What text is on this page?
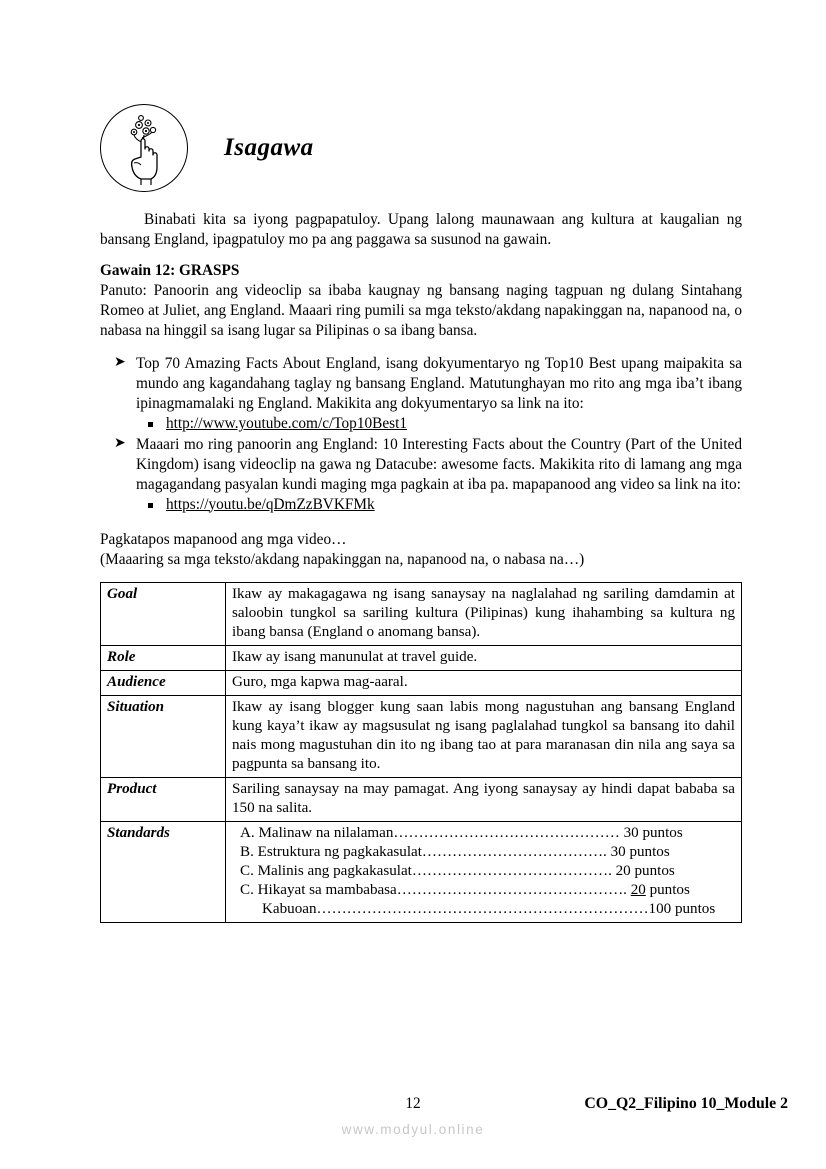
Isagawa

Binabati kita sa iyong pagpapatuloy. Upang lalong maunawaan ang kultura at kaugalian ng bansang England, ipagpatuloy mo pa ang paggawa sa susunod na gawain.

Gawain 12: GRASPS
Panuto: Panoorin ang videoclip sa ibaba kaugnay ng bansang naging tagpuan ng dulang Sintahang Romeo at Juliet, ang England. Maaari ring pumili sa mga teksto/akdang napakinggan na, napanood na, o nabasa na hinggil sa isang lugar sa Pilipinas o sa ibang bansa.
➤ Top 70 Amazing Facts About England, isang dokyumentaryo ng Top10 Best upang maipakita sa mundo ang kagandahang taglay ng bansang England. Matutunghayan mo rito ang mga iba’t ibang ipinagmamalaki ng England. Makikita ang dokyumentaryo sa link na ito:
http://www.youtube.com/c/Top10Best1
➤ Maaari mo ring panoorin ang England: 10 Interesting Facts about the Country (Part of the United Kingdom) isang videoclip na gawa ng Datacube: awesome facts. Makikita rito di lamang ang mga magagandang pasyalan kundi maging mga pagkain at iba pa. mapapanood ang video sa link na ito:
https://youtu.be/qDmZzBVKFMk
Pagkatapos mapanood ang mga video…
(Maaaring sa mga teksto/akdang napakinggan na, napanood na, o nabasa na…)
Goal	Ikaw ay makagagawa ng isang sanaysay na naglalahad ng sariling damdamin at saloobin tungkol sa sariling kultura (Pilipinas) kung ihahambing sa kultura ng ibang bansa (England o anomang bansa).
Role	Ikaw ay isang manunulat at travel guide.
Audience	Guro, mga kapwa mag-aaral.
Situation	Ikaw ay isang blogger kung saan labis mong nagustuhan ang bansang England kung kaya’t ikaw ay magsusulat ng isang paglalahad tungkol sa bansang ito dahil nais mong magustuhan din ito ng ibang tao at para maranasan din nila ang saya sa pagpunta sa bansang ito.
Product	Sariling sanaysay na may pamagat. Ang iyong sanaysay ay hindi dapat bababa sa 150 na salita.
Standards	A. Malinaw na nilalaman……………………………………… 30 puntos
B. Estruktura ng pagkakasulat………………………………. 30 puntos
C. Malinis ang pagkakasulat…………………………………. 20 puntos
C. Hikayat sa mambabasa………………………………………. 20 puntos
Kabuoan…………………………………………………………100 puntos
12	CO_Q2_Filipino 10_Module 2
www.modyul.online
